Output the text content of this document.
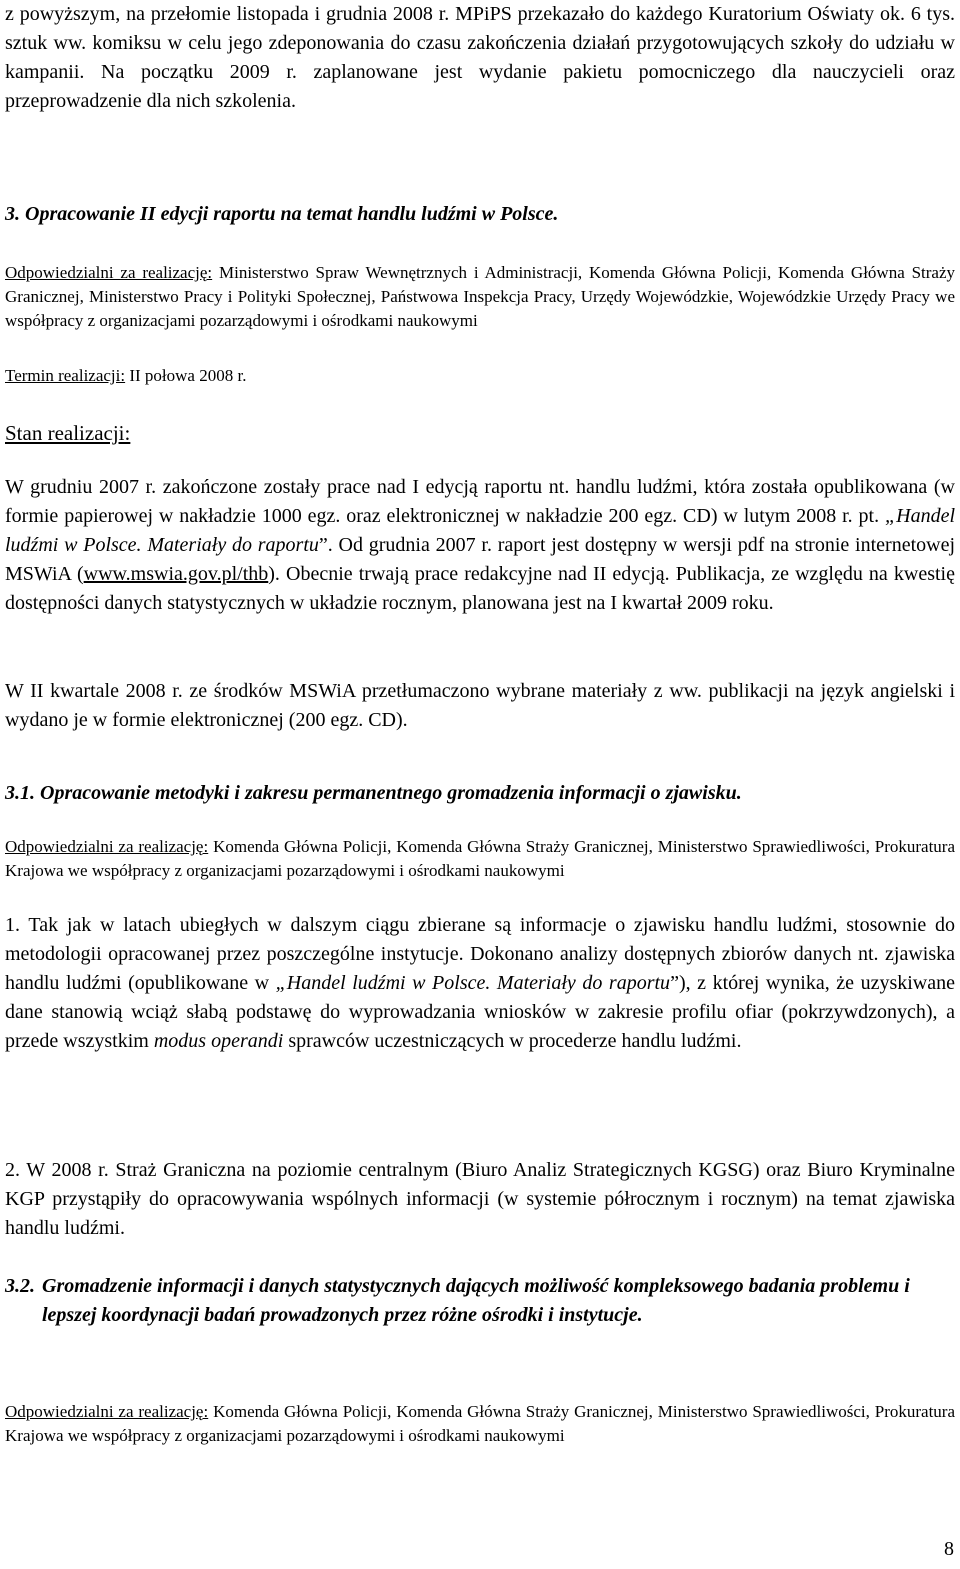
z powyższym, na przełomie listopada i grudnia 2008 r. MPiPS przekazało do każdego Kuratorium Oświaty ok. 6 tys. sztuk ww. komiksu w celu jego zdeponowania do czasu zakończenia działań przygotowujących szkoły do udziału w kampanii. Na początku 2009 r. zaplanowane jest wydanie pakietu pomocniczego dla nauczycieli oraz przeprowadzenie dla nich szkolenia.

3. Opracowanie II edycji raportu na temat handlu ludźmi w Polsce.

Odpowiedzialni za realizację: Ministerstwo Spraw Wewnętrznych i Administracji, Komenda Główna Policji, Komenda Główna Straży Granicznej, Ministerstwo Pracy i Polityki Społecznej, Państwowa Inspekcja Pracy, Urzędy Wojewódzkie, Wojewódzkie Urzędy Pracy we współpracy z organizacjami pozarządowymi i ośrodkami naukowymi

Termin realizacji: II połowa 2008 r.

Stan realizacji:

W grudniu 2007 r. zakończone zostały prace nad I edycją raportu nt. handlu ludźmi, która została opublikowana (w formie papierowej w nakładzie 1000 egz. oraz elektronicznej w nakładzie 200 egz. CD) w lutym 2008 r. pt. „Handel ludźmi w Polsce. Materiały do raportu”. Od grudnia 2007 r. raport jest dostępny w wersji pdf na stronie internetowej MSWiA (www.mswia.gov.pl/thb). Obecnie trwają prace redakcyjne nad II edycją. Publikacja, ze względu na kwestię dostępności danych statystycznych w układzie rocznym, planowana jest na I kwartał 2009 roku.

W II kwartale 2008 r. ze środków MSWiA przetłumaczono wybrane materiały z ww. publikacji na język angielski i wydano je w formie elektronicznej (200 egz. CD).

3.1. Opracowanie metodyki i zakresu permanentnego gromadzenia informacji o zjawisku.

Odpowiedzialni za realizację: Komenda Główna Policji, Komenda Główna Straży Granicznej, Ministerstwo Sprawiedliwości, Prokuratura Krajowa we współpracy z organizacjami pozarządowymi i ośrodkami naukowymi

1. Tak jak w latach ubiegłych w dalszym ciągu zbierane są informacje o zjawisku handlu ludźmi, stosownie do metodologii opracowanej przez poszczególne instytucje. Dokonano analizy dostępnych zbiorów danych nt. zjawiska handlu ludźmi (opublikowane w „Handel ludźmi w Polsce. Materiały do raportu”), z której wynika, że uzyskiwane dane stanowią wciąż słabą podstawę do wyprowadzania wniosków w zakresie profilu ofiar (pokrzywdzonych), a przede wszystkim modus operandi sprawców uczestniczących w procederze handlu ludźmi.

2. W 2008 r. Straż Graniczna na poziomie centralnym (Biuro Analiz Strategicznych KGSG) oraz Biuro Kryminalne KGP przystąpiły do opracowywania wspólnych informacji (w systemie półrocznym i rocznym) na temat zjawiska handlu ludźmi.

3.2. Gromadzenie informacji i danych statystycznych dających możliwość kompleksowego badania problemu i lepszej koordynacji badań prowadzonych przez różne ośrodki i instytucje.

Odpowiedzialni za realizację: Komenda Główna Policji, Komenda Główna Straży Granicznej, Ministerstwo Sprawiedliwości, Prokuratura Krajowa we współpracy z organizacjami pozarządowymi i ośrodkami naukowymi

8
